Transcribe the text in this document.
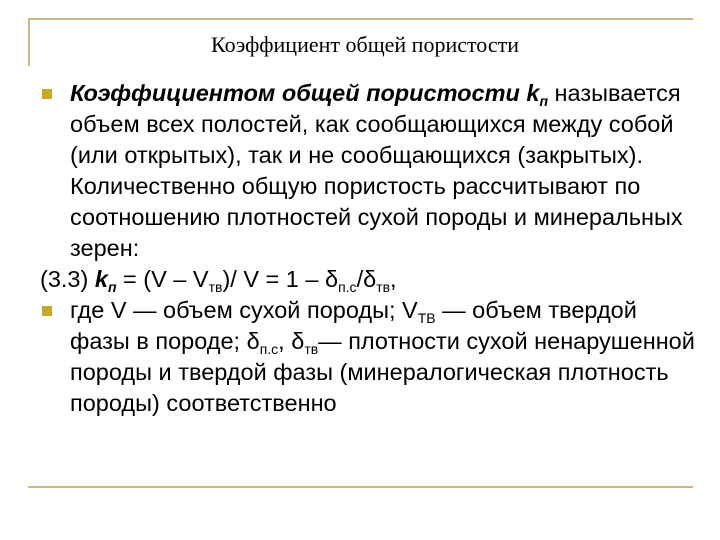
Коэффициент общей пористости
Коэффициентом общей пористости $k_п$ называется объем всех полостей, как сообщающихся между собой (или открытых), так и не сообщающихся (закрытых). Количественно общую пористость рассчитывают по соотношению плотностей сухой породы и минеральных зерен:
(3.3) $k_п = (V - V_{тв})/$ $V = 1 - \delta_{п.с}/\delta_{тв}$,
где V — объем сухой породы; $V_{ТВ}$ — объем твердой фазы в породе; $\delta_{п.с}$, $\delta_{тв}—$ плотности сухой ненарушенной породы и твердой фазы (минералогическая плотность породы) соответственно
